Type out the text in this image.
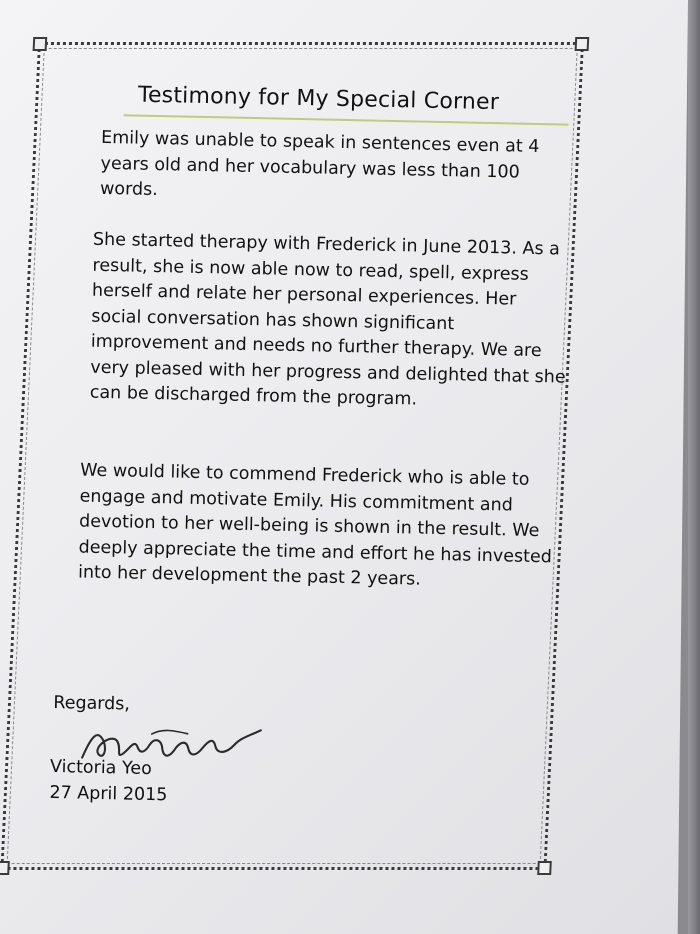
Testimony for My Special Corner
Emily was unable to speak in sentences even at 4 years old and her vocabulary was less than 100 words.
She started therapy with Frederick in June 2013. As a result, she is now able now to read, spell, express herself and relate her personal experiences. Her social conversation has shown significant improvement and needs no further therapy. We are very pleased with her progress and delighted that she can be discharged from the program.
We would like to commend Frederick who is able to engage and motivate Emily. His commitment and devotion to her well-being is shown in the result. We deeply appreciate the time and effort he has invested into her development the past 2 years.
Regards,
Victoria Yeo
27 April 2015
